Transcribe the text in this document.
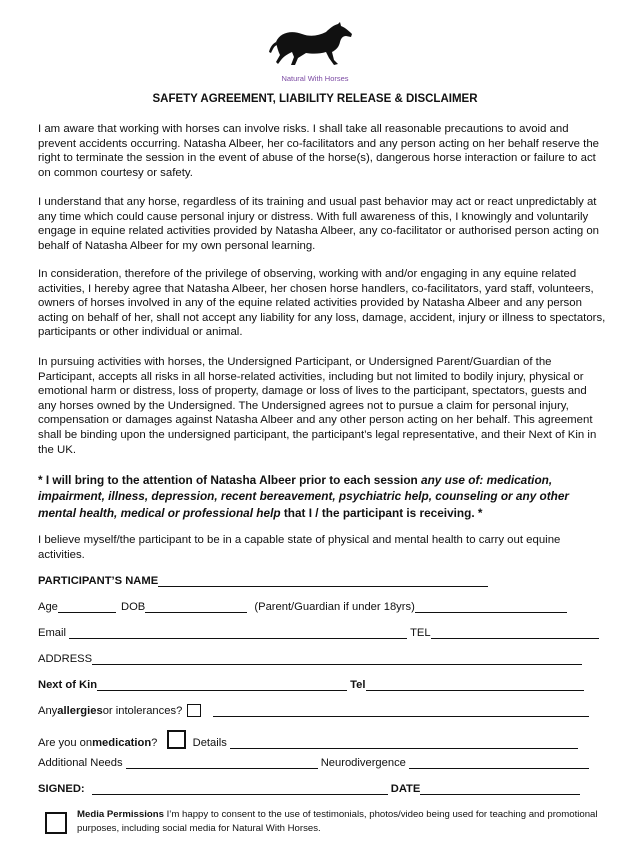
Natural With Horses
SAFETY AGREEMENT, LIABILITY RELEASE & DISCLAIMER

I am aware that working with horses can involve risks. I shall take all reasonable precautions to avoid and prevent accidents occurring. Natasha Albeer, her co-facilitators and any person acting on her behalf reserve the right to terminate the session in the event of abuse of the horse(s), dangerous horse interaction or failure to act on common courtesy or safety.

I understand that any horse, regardless of its training and usual past behavior may act or react unpredictably at any time which could cause personal injury or distress. With full awareness of this, I knowingly and voluntarily engage in equine related activities provided by Natasha Albeer, any co-facilitator or authorised person acting on behalf of Natasha Albeer for my own personal learning.

In consideration, therefore of the privilege of observing, working with and/or engaging in any equine related activities, I hereby agree that Natasha Albeer, her chosen horse handlers, co-facilitators, yard staff, volunteers, owners of horses involved in any of the equine related activities provided by Natasha Albeer and any person acting on behalf of her, shall not accept any liability for any loss, damage, accident, injury or illness to spectators, participants or other individual or animal.

In pursuing activities with horses, the Undersigned Participant, or Undersigned Parent/Guardian of the Participant, accepts all risks in all horse-related activities, including but not limited to bodily injury, physical or emotional harm or distress, loss of property, damage or loss of lives to the participant, spectators, guests and any horses owned by the Undersigned. The Undersigned agrees not to pursue a claim for personal injury, compensation or damages against Natasha Albeer and any other person acting on her behalf. This agreement shall be binding upon the undersigned participant, the participant’s legal representative, and their Next of Kin in the UK.

* I will bring to the attention of Natasha Albeer prior to each session any use of: medication, impairment, illness, depression, recent bereavement, psychiatric help, counseling or any other mental health, medical or professional help that I / the participant is receiving. *

I believe myself/the participant to be in a capable state of physical and mental health to carry out equine activities.

PARTICIPANT’S NAME
Age	DOB	(Parent/Guardian if under 18yrs)
Email	TEL
ADDRESS
Next of Kin	Tel
Anyallergiesor intolerances?
Are you onmedication?	Details
Additional Needs	Neurodivergence
SIGNED:	DATE
Media Permissions I’m happy to consent to the use of testimonials, photos/video being used for teaching and promotional purposes, including social media for Natural With Horses.
